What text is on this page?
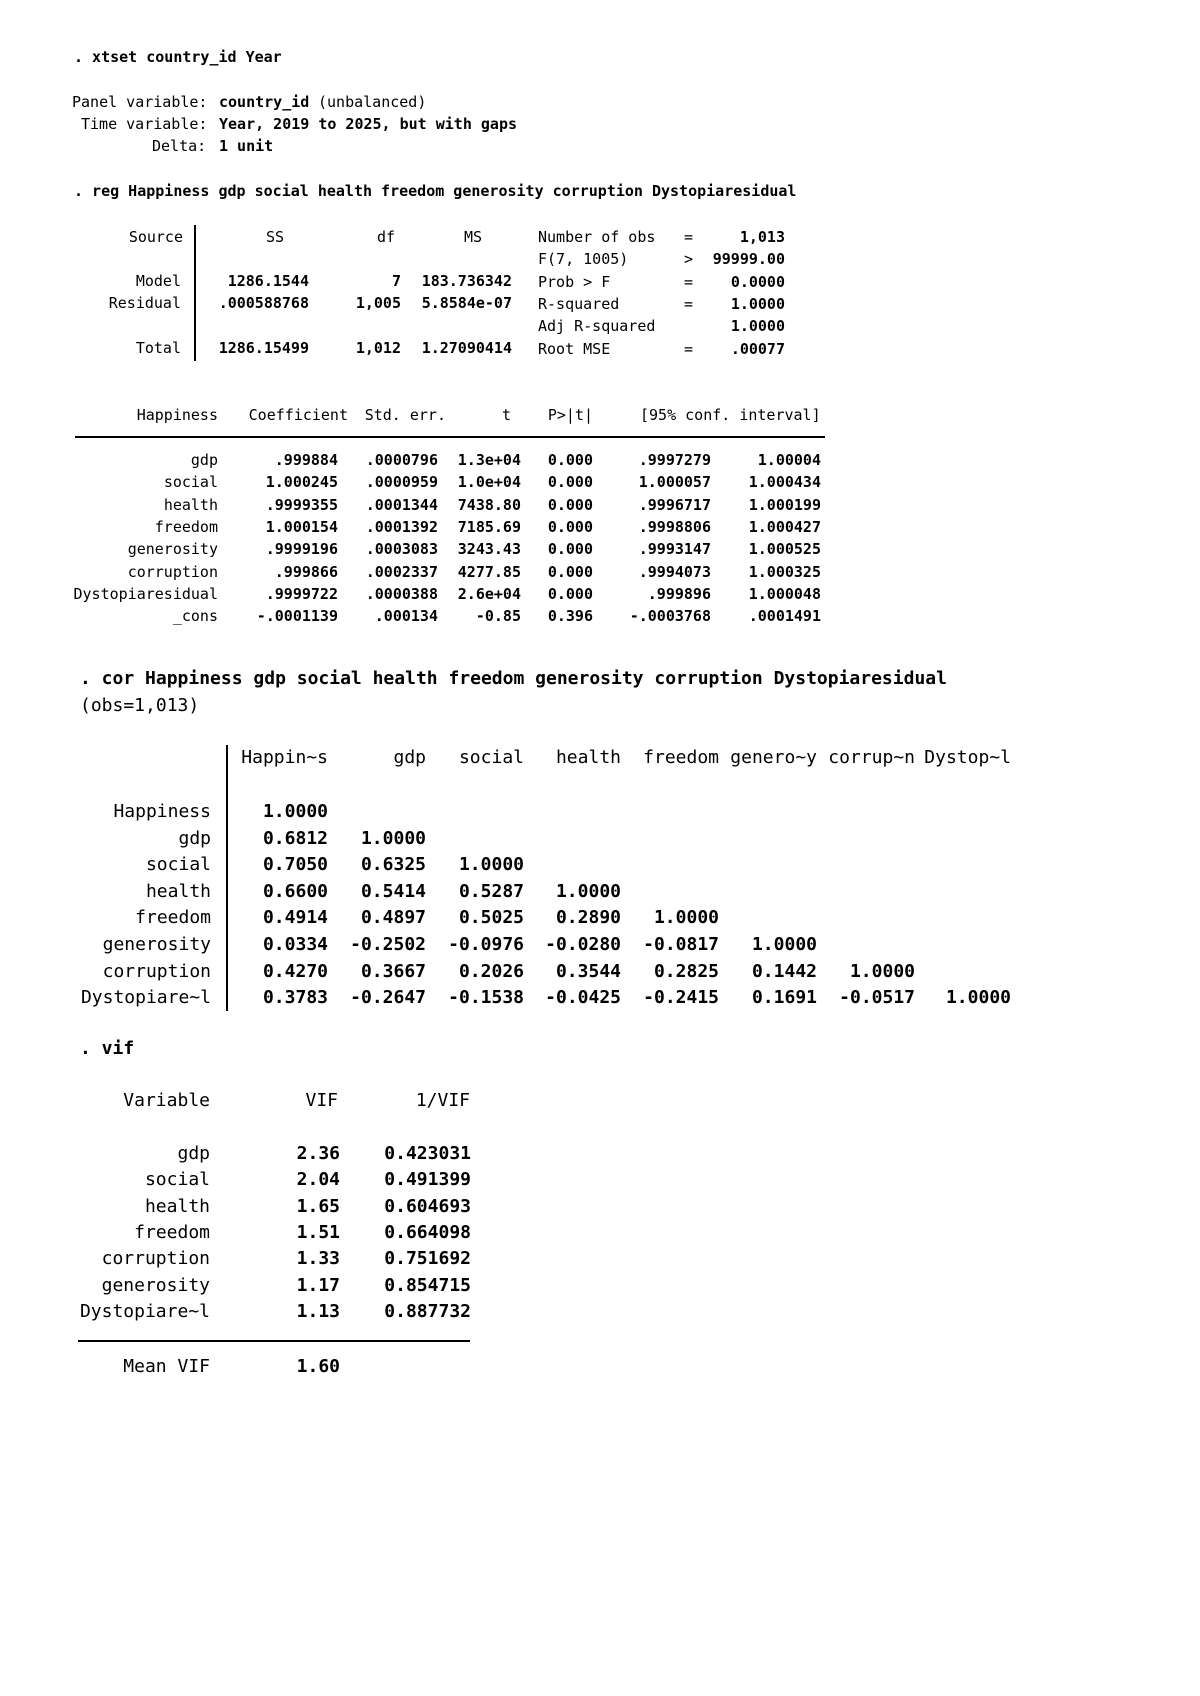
. xtset country_id Year
Panel variable: country_id (unbalanced)
Time variable: Year, 2019 to 2025, but with gaps
Delta: 1 unit
. reg Happiness gdp social health freedom generosity corruption Dystopiaresidual
Source	SS	df	MS
Model	1286.1544	7	183.736342
Residual	.000588768	1,005	5.8584e-07
Total	1286.15499	1,012	1.27090414
Number of obs =	1,013
F(7, 1005)	>	99999.00
Prob > F	=	0.0000
R-squared	=	1.0000
Adj R-squared	1.0000
Root MSE	=	.00077
Happiness	Coefficient	Std. err.	t	P>|t|	[95% conf. interval]
gdp	.999884	.0000796	1.3e+04	0.000	.9997279	1.00004
social	1.000245	.0000959	1.0e+04	0.000	1.000057	1.000434
health	.9999355	.0001344	7438.80	0.000	.9996717	1.000199
freedom	1.000154	.0001392	7185.69	0.000	.9998806	1.000427
generosity	.9999196	.0003083	3243.43	0.000	.9993147	1.000525
corruption	.999866	.0002337	4277.85	0.000	.9994073	1.000325
Dystopiaresidual	.9999722	.0000388	2.6e+04	0.000	.999896	1.000048
_cons	-.0001139	.000134	-0.85	0.396	-.0003768	.0001491
. cor Happiness gdp social health freedom generosity corruption Dystopiaresidual
(obs=1,013)
Happin~s	gdp	social	health	freedom genero~y corrup~n Dystop~l
Happiness	1.0000
gdp	0.6812	1.0000
social	0.7050	0.6325	1.0000
health	0.6600	0.5414	0.5287	1.0000
freedom	0.4914	0.4897	0.5025	0.2890	1.0000
generosity	0.0334	-0.2502	-0.0976	-0.0280	-0.0817	1.0000
corruption	0.4270	0.3667	0.2026	0.3544	0.2825	0.1442	1.0000
Dystopiare~l	0.3783	-0.2647	-0.1538	-0.0425	-0.2415	0.1691	-0.0517	1.0000
. vif
Variable	VIF	1/VIF
gdp	2.36	0.423031
social	2.04	0.491399
health	1.65	0.604693
freedom	1.51	0.664098
corruption	1.33	0.751692
generosity	1.17	0.854715
Dystopiare~l	1.13	0.887732
Mean VIF	1.60
